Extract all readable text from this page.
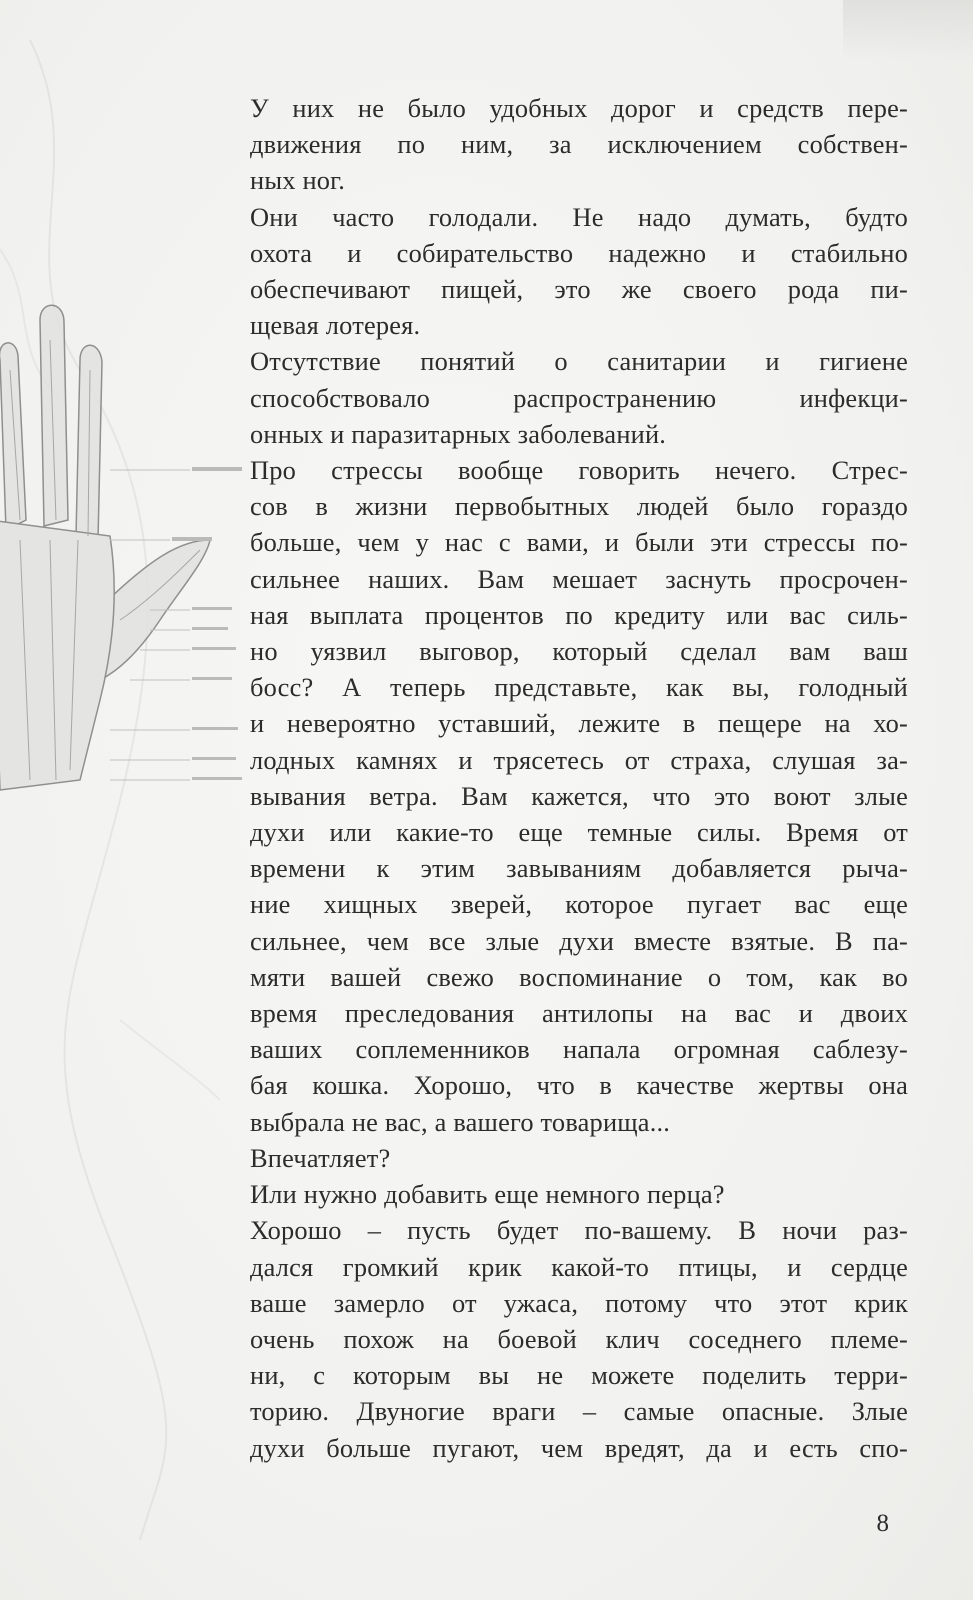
У них не было удобных дорог и средств пере-
движения по ним, за исключением собствен-
ных ног.

Они часто голодали. Не надо думать, будто
охота и собирательство надежно и стабильно
обеспечивают пищей, это же своего рода пи-
щевая лотерея.

Отсутствие понятий о санитарии и гигиене
способствовало распространению инфекци-
онных и паразитарных заболеваний.

Про стрессы вообще говорить нечего. Стрес-
сов в жизни первобытных людей было гораздо
больше, чем у нас с вами, и были эти стрессы по-
сильнее наших. Вам мешает заснуть просрочен-
ная выплата процентов по кредиту или вас силь-
но уязвил выговор, который сделал вам ваш
босс? А теперь представьте, как вы, голодный
и невероятно уставший, лежите в пещере на хо-
лодных камнях и трясетесь от страха, слушая за-
вывания ветра. Вам кажется, что это воют злые
духи или какие-то еще темные силы. Время от
времени к этим завываниям добавляется рыча-
ние хищных зверей, которое пугает вас еще
сильнее, чем все злые духи вместе взятые. В па-
мяти вашей свежо воспоминание о том, как во
время преследования антилопы на вас и двоих
ваших соплеменников напала огромная саблезу-
бая кошка. Хорошо, что в качестве жертвы она
выбрала не вас, а вашего товарища...

Впечатляет?

Или нужно добавить еще немного перца?

Хорошо – пусть будет по-вашему. В ночи раз-
дался громкий крик какой-то птицы, и сердце
ваше замерло от ужаса, потому что этот крик
очень похож на боевой клич соседнего племе-
ни, с которым вы не можете поделить терри-
торию. Двуногие враги – самые опасные. Злые
духи больше пугают, чем вредят, да и есть спо-

8
